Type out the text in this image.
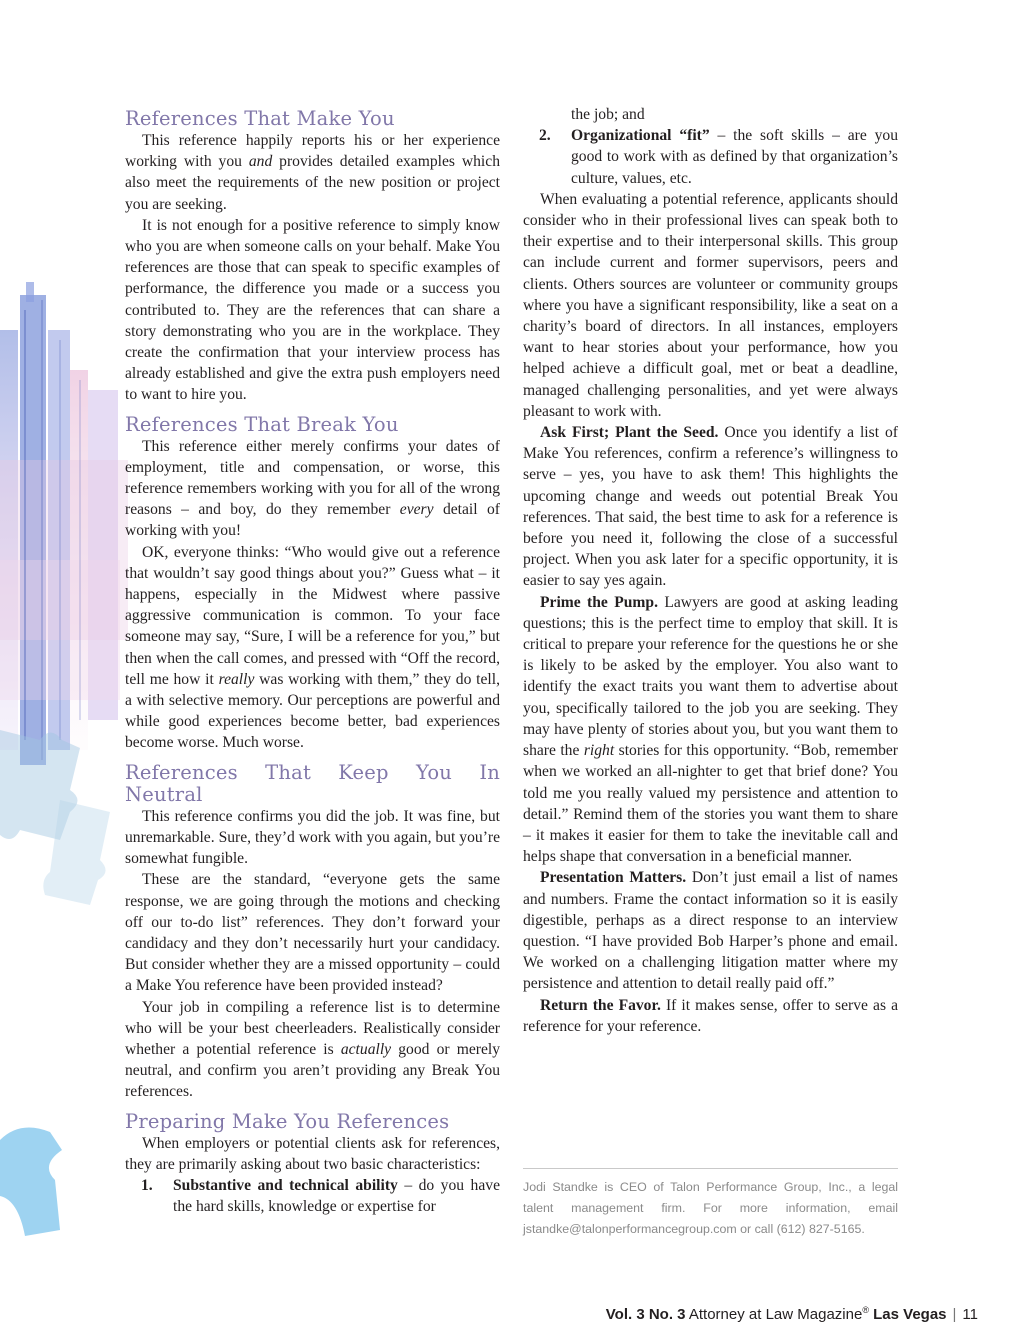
References That Make You

This reference happily reports his or her experience working with you and provides detailed examples which also meet the requirements of the new position or project you are seeking.

It is not enough for a positive reference to simply know who you are when someone calls on your behalf. Make You references are those that can speak to specific examples of performance, the difference you made or a success you contributed to. They are the references that can share a story demonstrating who you are in the workplace. They create the confirmation that your interview process has already established and give the extra push employers need to want to hire you.

References That Break You

This reference either merely confirms your dates of employment, title and compensation, or worse, this reference remembers working with you for all of the wrong reasons – and boy, do they remember every detail of working with you!

OK, everyone thinks: “Who would give out a reference that wouldn’t say good things about you?” Guess what – it happens, especially in the Midwest where passive aggressive communication is common. To your face someone may say, “Sure, I will be a reference for you,” but then when the call comes, and pressed with “Off the record, tell me how it really was working with them,” they do tell, a with selective memory. Our perceptions are powerful and while good experiences become better, bad experiences become worse. Much worse.

References That Keep You In Neutral

This reference confirms you did the job. It was fine, but unremarkable. Sure, they’d work with you again, but you’re somewhat fungible.

These are the standard, “everyone gets the same response, we are going through the motions and checking off our to-do list” references. They don’t forward your candidacy and they don’t necessarily hurt your candidacy. But consider whether they are a missed opportunity – could a Make You reference have been provided instead?

Your job in compiling a reference list is to determine who will be your best cheerleaders. Realistically consider whether a potential reference is actually good or merely neutral, and confirm you aren’t providing any Break You references.

Preparing Make You References

When employers or potential clients ask for references, they are primarily asking about two basic characteristics:

1.	Substantive and technical ability – do you have the hard skills, knowledge or expertise for
the job; and
2.	Organizational “fit” – the soft skills – are you good to work with as defined by that organization’s culture, values, etc.

When evaluating a potential reference, applicants should consider who in their professional lives can speak both to their expertise and to their interpersonal skills. This group can include current and former supervisors, peers and clients. Others sources are volunteer or community groups where you have a significant responsibility, like a seat on a charity’s board of directors. In all instances, employers want to hear stories about your performance, how you helped achieve a difficult goal, met or beat a deadline, managed challenging personalities, and yet were always pleasant to work with.

Ask First; Plant the Seed. Once you identify a list of Make You references, confirm a reference’s willingness to serve – yes, you have to ask them! This highlights the upcoming change and weeds out potential Break You references. That said, the best time to ask for a reference is before you need it, following the close of a successful project. When you ask later for a specific opportunity, it is easier to say yes again.

Prime the Pump. Lawyers are good at asking leading questions; this is the perfect time to employ that skill. It is critical to prepare your reference for the questions he or she is likely to be asked by the employer. You also want to identify the exact traits you want them to advertise about you, specifically tailored to the job you are seeking. They may have plenty of stories about you, but you want them to share the right stories for this opportunity. “Bob, remember when we worked an all-nighter to get that brief done? You told me you really valued my persistence and attention to detail.” Remind them of the stories you want them to share – it makes it easier for them to take the inevitable call and helps shape that conversation in a beneficial manner.

Presentation Matters. Don’t just email a list of names and numbers. Frame the contact information so it is easily digestible, perhaps as a direct response to an interview question. “I have provided Bob Harper’s phone and email. We worked on a challenging litigation matter where my persistence and attention to detail really paid off.”

Return the Favor. If it makes sense, offer to serve as a reference for your reference.

Jodi Standke is CEO of Talon Performance Group, Inc., a legal talent management firm. For more information, email jstandke@talonperformancegroup.com or call (612) 827-5165.
Vol. 3 No. 3 Attorney at Law Magazine® Las Vegas | 11
